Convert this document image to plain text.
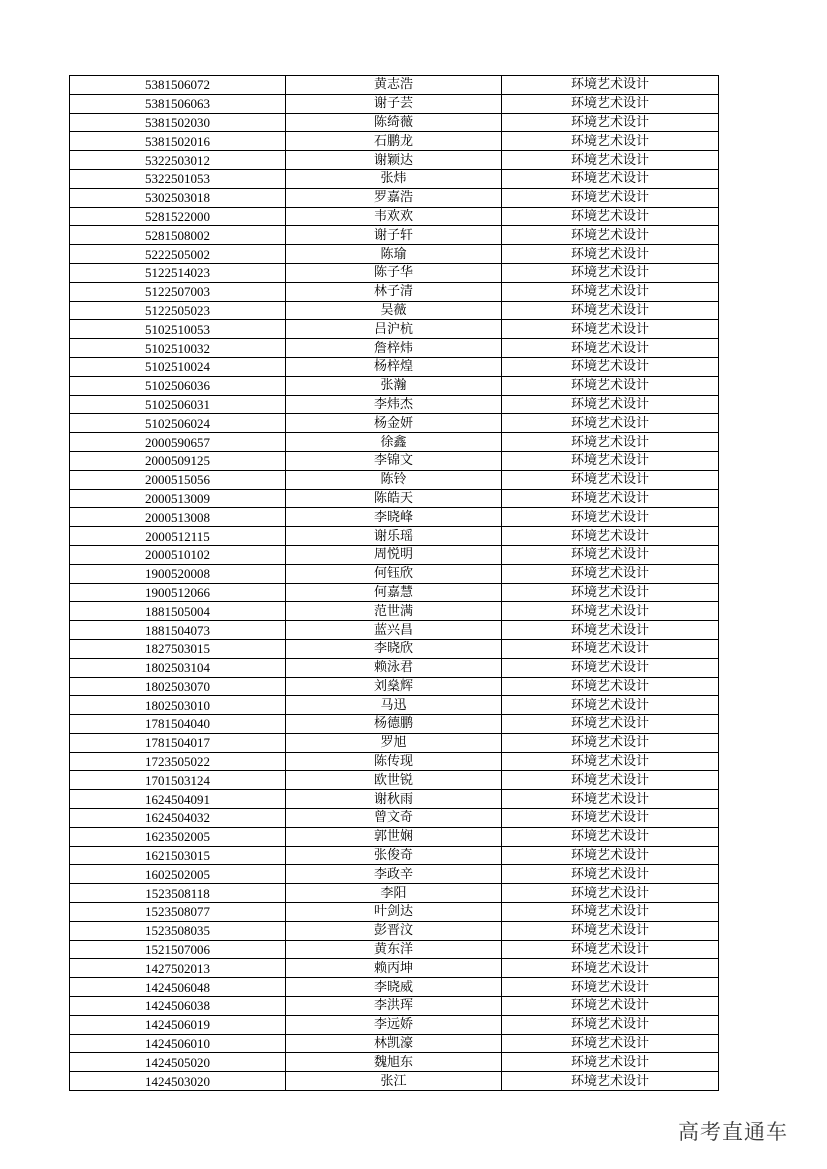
5381506072	黄志浩	环境艺术设计
5381506063	谢子芸	环境艺术设计
5381502030	陈绮薇	环境艺术设计
5381502016	石鹏龙	环境艺术设计
5322503012	谢颖达	环境艺术设计
5322501053	张炜	环境艺术设计
5302503018	罗嘉浩	环境艺术设计
5281522000	韦欢欢	环境艺术设计
5281508002	谢子轩	环境艺术设计
5222505002	陈瑜	环境艺术设计
5122514023	陈子华	环境艺术设计
5122507003	林子清	环境艺术设计
5122505023	吴薇	环境艺术设计
5102510053	吕沪杭	环境艺术设计
5102510032	詹梓炜	环境艺术设计
5102510024	杨梓煌	环境艺术设计
5102506036	张瀚	环境艺术设计
5102506031	李炜杰	环境艺术设计
5102506024	杨金妍	环境艺术设计
2000590657	徐鑫	环境艺术设计
2000509125	李锦文	环境艺术设计
2000515056	陈铃	环境艺术设计
2000513009	陈皓天	环境艺术设计
2000513008	李晓峰	环境艺术设计
2000512115	谢乐瑶	环境艺术设计
2000510102	周悦明	环境艺术设计
1900520008	何钰欣	环境艺术设计
1900512066	何嘉慧	环境艺术设计
1881505004	范世满	环境艺术设计
1881504073	蓝兴昌	环境艺术设计
1827503015	李晓欣	环境艺术设计
1802503104	赖泳君	环境艺术设计
1802503070	刘燊辉	环境艺术设计
1802503010	马迅	环境艺术设计
1781504040	杨德鹏	环境艺术设计
1781504017	罗旭	环境艺术设计
1723505022	陈传现	环境艺术设计
1701503124	欧世锐	环境艺术设计
1624504091	谢秋雨	环境艺术设计
1624504032	曾文奇	环境艺术设计
1623502005	郭世娴	环境艺术设计
1621503015	张俊奇	环境艺术设计
1602502005	李政辛	环境艺术设计
1523508118	李阳	环境艺术设计
1523508077	叶剑达	环境艺术设计
1523508035	彭晋汶	环境艺术设计
1521507006	黄东洋	环境艺术设计
1427502013	赖丙坤	环境艺术设计
1424506048	李晓威	环境艺术设计
1424506038	李洪珲	环境艺术设计
1424506019	李远娇	环境艺术设计
1424506010	林凯濠	环境艺术设计
1424505020	魏旭东	环境艺术设计
1424503020	张江	环境艺术设计
高考直通车
